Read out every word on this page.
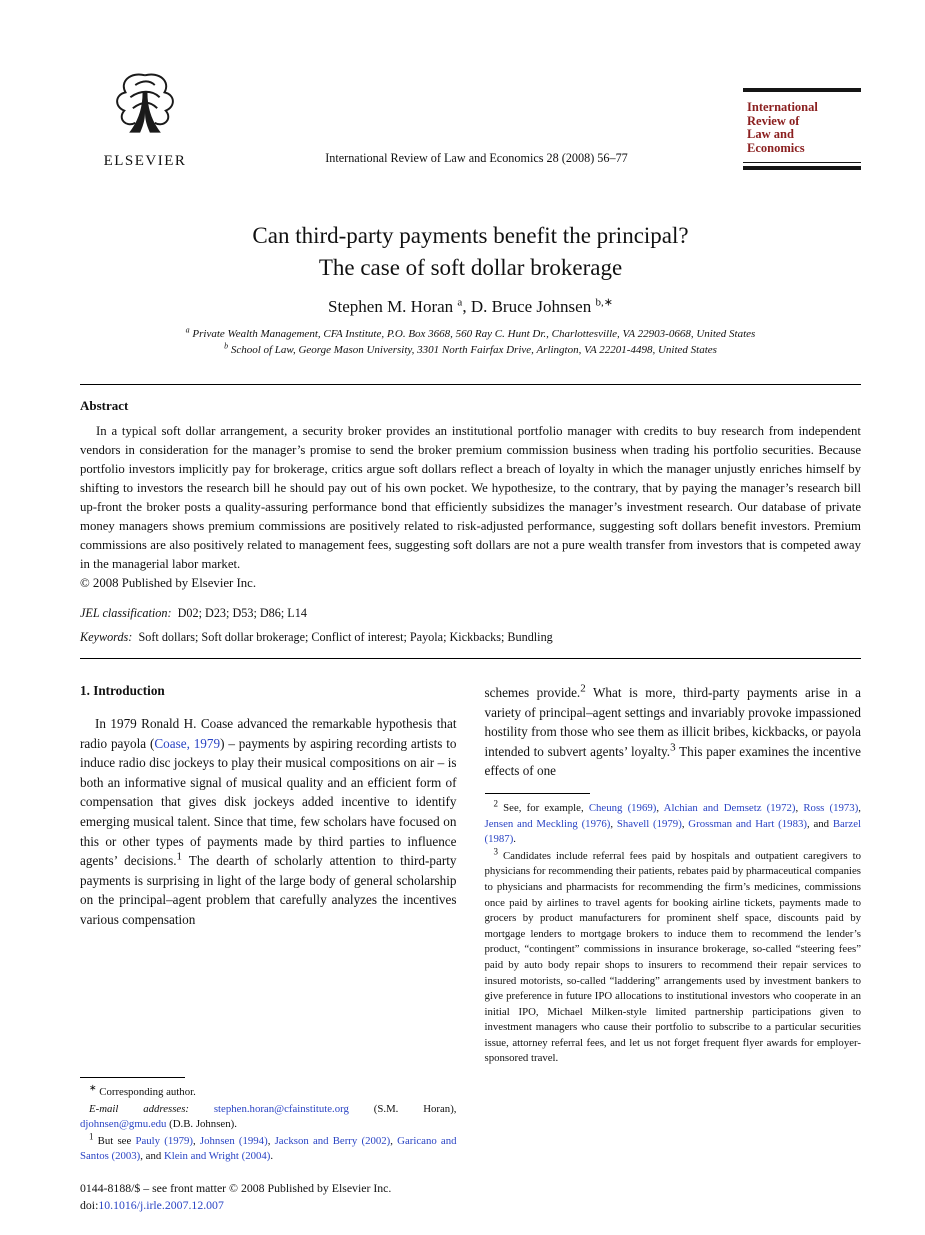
ELSEVIER	International Review of Law and Economics 28 (2008) 56–77
International
Review of
Law and
Economics
Can third-party payments benefit the principal?
The case of soft dollar brokerage
Stephen M. Horan $^a$, D. Bruce Johnsen $^{b,∗}$
$^a$ Private Wealth Management, CFA Institute, P.O. Box 3668, 560 Ray C. Hunt Dr., Charlottesville, VA 22903-0668, United States
$^b$ School of Law, George Mason University, 3301 North Fairfax Drive, Arlington, VA 22201-4498, United States
Abstract

In a typical soft dollar arrangement, a security broker provides an institutional portfolio manager with credits to buy research from independent vendors in consideration for the manager’s promise to send the broker premium commission business when trading his portfolio securities. Because portfolio investors implicitly pay for brokerage, critics argue soft dollars reflect a breach of loyalty in which the manager unjustly enriches himself by shifting to investors the research bill he should pay out of his own pocket. We hypothesize, to the contrary, that by paying the manager’s research bill up-front the broker posts a quality-assuring performance bond that efficiently subsidizes the manager’s investment research. Our database of private money managers shows premium commissions are positively related to risk-adjusted performance, suggesting soft dollars benefit investors. Premium commissions are also positively related to management fees, suggesting soft dollars are not a pure wealth transfer from investors that is competed away in the managerial labor market.

© 2008 Published by Elsevier Inc.

JEL classification:  D02; D23; D53; D86; L14

Keywords:  Soft dollars; Soft dollar brokerage; Conflict of interest; Payola; Kickbacks; Bundling

1. Introduction

In 1979 Ronald H. Coase advanced the remarkable hypothesis that radio payola (Coase, 1979) – payments by aspiring recording artists to induce radio disc jockeys to play their musical compositions on air – is both an informative signal of musical quality and an efficient form of compensation that gives disk jockeys added incentive to identify emerging musical talent. Since that time, few scholars have focused on this or other types of payments made by third parties to influence agents’ decisions.$^1$ The dearth of scholarly attention to third-party payments is surprising in light of the large body of general scholarship on the principal–agent problem that carefully analyzes the incentives various compensation

∗ Corresponding author.

E-mail addresses: stephen.horan@cfainstitute.org (S.M. Horan), djohnsen@gmu.edu (D.B. Johnsen).

$^1$ But see Pauly (1979), Johnsen (1994), Jackson and Berry (2002), Garicano and Santos (2003), and Klein and Wright (2004).

0144-8188/$ – see front matter © 2008 Published by Elsevier Inc.
doi:10.1016/j.irle.2007.12.007

schemes provide.$^2$ What is more, third-party payments arise in a variety of principal–agent settings and invariably provoke impassioned hostility from those who see them as illicit bribes, kickbacks, or payola intended to subvert agents’ loyalty.$^3$ This paper examines the incentive effects of one

$^2$ See, for example, Cheung (1969), Alchian and Demsetz (1972), Ross (1973), Jensen and Meckling (1976), Shavell (1979), Grossman and Hart (1983), and Barzel (1987).

$^3$ Candidates include referral fees paid by hospitals and outpatient caregivers to physicians for recommending their patients, rebates paid by pharmaceutical companies to physicians and pharmacists for recommending the firm’s medicines, commissions once paid by airlines to travel agents for booking airline tickets, payments made to grocers by product manufacturers for prominent shelf space, discounts paid by mortgage lenders to mortgage brokers to induce them to recommend the lender’s product, “contingent” commissions in insurance brokerage, so-called “steering fees” paid by auto body repair shops to insurers to recommend their repair services to insured motorists, so-called “laddering” arrangements used by investment bankers to give preference in future IPO allocations to institutional investors who cooperate in an initial IPO, Michael Milken-style limited partnership participations given to investment managers who cause their portfolio to subscribe to a particular securities issue, attorney referral fees, and let us not forget frequent flyer awards for employer-sponsored travel.
